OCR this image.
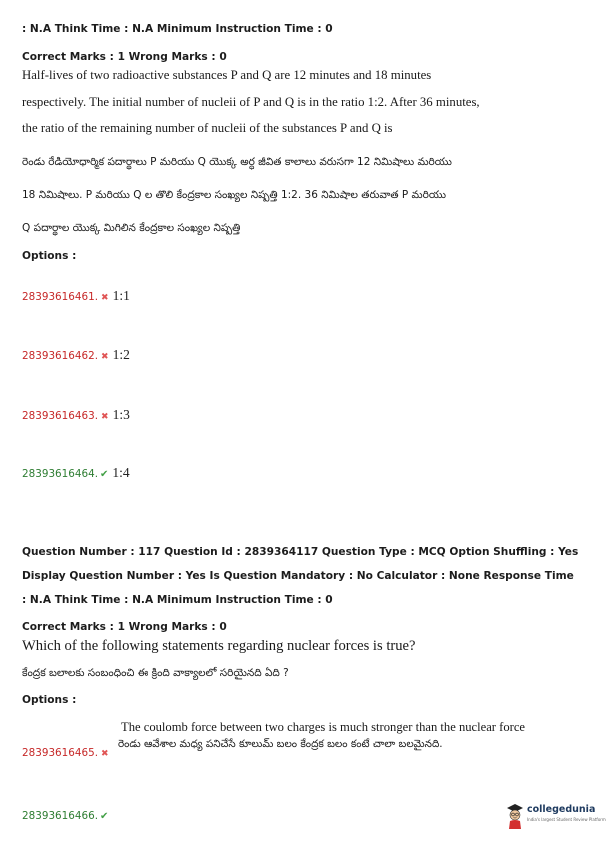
: N.A Think Time : N.A Minimum Instruction Time : 0
Correct Marks : 1 Wrong Marks : 0
Half-lives of two radioactive substances P and Q are 12 minutes and 18 minutes
respectively. The initial number of nucleii of P and Q is in the ratio 1:2. After 36 minutes,
the ratio of the remaining number of nucleii of the substances P and Q is
రెండు రేడియోధార్మిక పదార్థాలు P మరియు Q యొక్క అర్ధ జీవిత కాలాలు వరుసగా 12 నిమిషాలు మరియు
18 నిమిషాలు. P మరియు Q ల తొలి కేంద్రకాల సంఖ్యల నిష్పత్తి 1:2. 36 నిమిషాల తరువాత P మరియు
Q పదార్థాల యొక్క మిగిలిన కేంద్రకాల సంఖ్యల నిష్పత్తి
Options :
28393616461. ✖ 1:1
28393616462. ✖ 1:2
28393616463. ✖ 1:3
28393616464. ✔ 1:4
Question Number : 117 Question Id : 2839364117 Question Type : MCQ Option Shuffling : Yes
Display Question Number : Yes Is Question Mandatory : No Calculator : None Response Time
: N.A Think Time : N.A Minimum Instruction Time : 0
Correct Marks : 1 Wrong Marks : 0
Which of the following statements regarding nuclear forces is true?
కేంద్రక బలాలకు సంబంధించి ఈ క్రింది వాక్యాలలో సరియైనది ఏది ?
Options :
The coulomb force between two charges is much stronger than the nuclear force
28393616465. ✖
రెండు ఆవేశాల మధ్య పనిచేసే కూలుమ్ బలం కేంద్రక బలం కంటే చాలా బలమైనది.
28393616466. ✔
collegedunia
India's largest Student Review Platform
